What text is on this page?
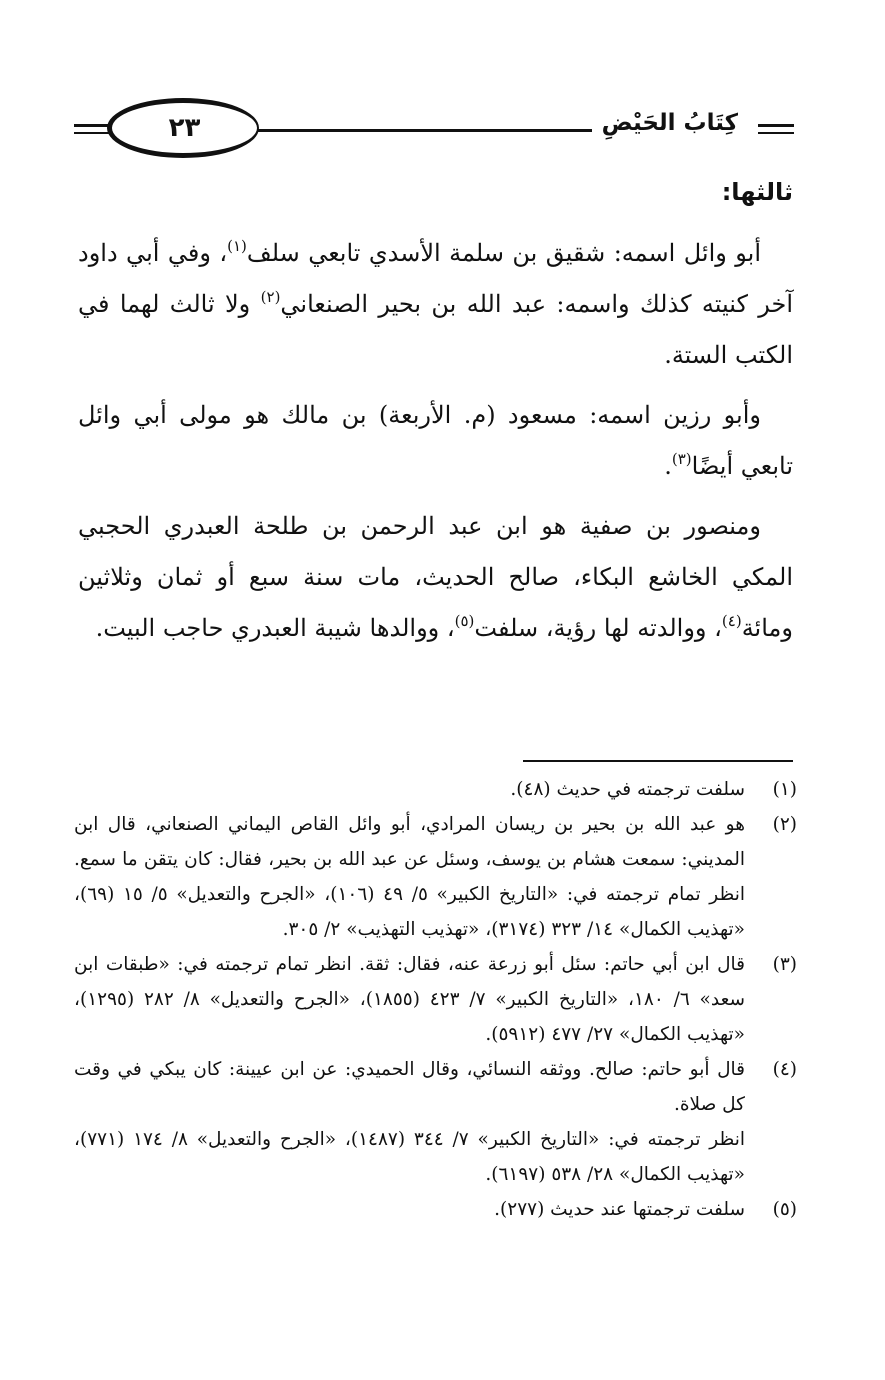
٢٣	كِتَابُ الحَيْضِ
ثالثها:

أبو وائل اسمه: شقيق بن سلمة الأسدي تابعي سلف$^{(١)}$، وفي أبي داود آخر كنيته كذلك واسمه: عبد الله بن بحير الصنعاني$^{(٢)}$ ولا ثالث لهما في الكتب الستة.

وأبو رزين اسمه: مسعود (م. الأربعة) بن مالك هو مولى أبي وائل تابعي أيضًا$^{(٣)}$.

ومنصور بن صفية هو ابن عبد الرحمن بن طلحة العبدري الحجبي المكي الخاشع البكاء، صالح الحديث، مات سنة سبع أو ثمان وثلاثين ومائة$^{(٤)}$، ووالدته لها رؤية، سلفت$^{(٥)}$، ووالدها شيبة العبدري حاجب البيت.

(١)
سلفت ترجمته في حديث (٤٨).
(٢)
هو عبد الله بن بحير بن ريسان المرادي، أبو وائل القاص اليماني الصنعاني، قال ابن المديني: سمعت هشام بن يوسف، وسئل عن عبد الله بن بحير، فقال: كان يتقن ما سمع. انظر تمام ترجمته في: «التاريخ الكبير» ٥/ ٤٩ (١٠٦)، «الجرح والتعديل» ٥/ ١٥ (٦٩)، «تهذيب الكمال» ١٤/ ٣٢٣ (٣١٧٤)، «تهذيب التهذيب» ٢/ ٣٠٥.
(٣)
قال ابن أبي حاتم: سئل أبو زرعة عنه، فقال: ثقة. انظر تمام ترجمته في: «طبقات ابن سعد» ٦/ ١٨٠، «التاريخ الكبير» ٧/ ٤٢٣ (١٨٥٥)، «الجرح والتعديل» ٨/ ٢٨٢ (١٢٩٥)، «تهذيب الكمال» ٢٧/ ٤٧٧ (٥٩١٢).
(٤)
قال أبو حاتم: صالح. ووثقه النسائي، وقال الحميدي: عن ابن عيينة: كان يبكي في وقت كل صلاة.
انظر ترجمته في: «التاريخ الكبير» ٧/ ٣٤٤ (١٤٨٧)، «الجرح والتعديل» ٨/ ١٧٤ (٧٧١)، «تهذيب الكمال» ٢٨/ ٥٣٨ (٦١٩٧).
(٥)
سلفت ترجمتها عند حديث (٢٧٧).
